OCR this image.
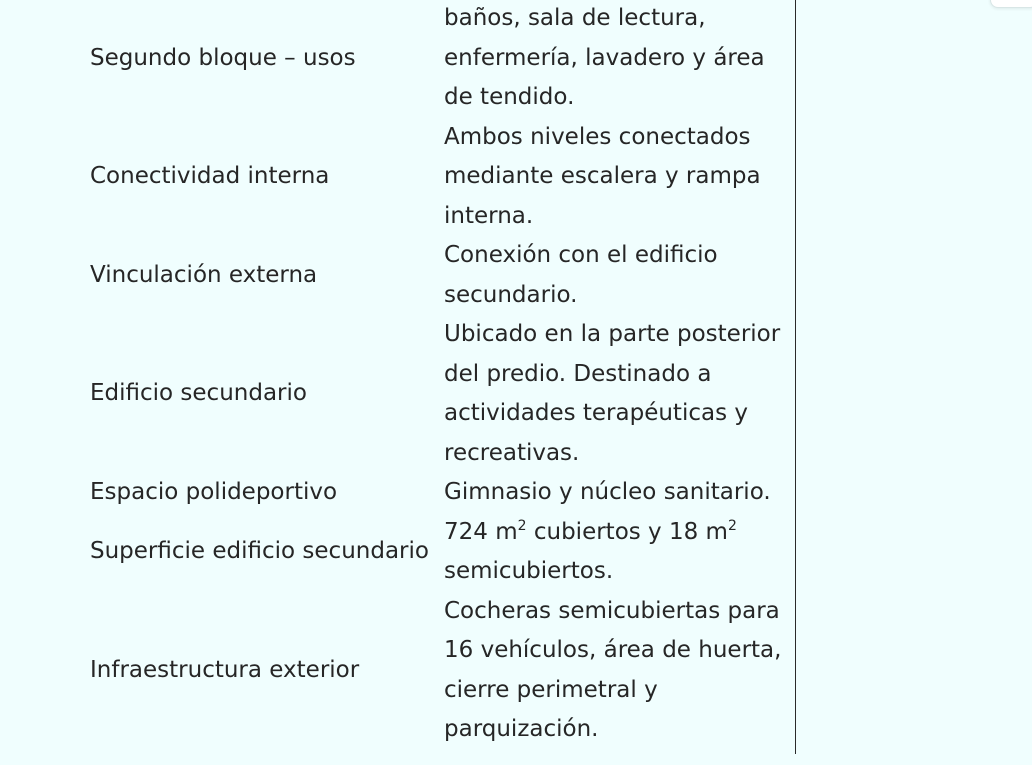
Segundo bloque – usos	baños, sala de lectura, enfermería, lavadero y área de tendido.
Conectividad interna	Ambos niveles conectados mediante escalera y rampa interna.
Vinculación externa	Conexión con el edificio secundario.
Edificio secundario	Ubicado en la parte posterior del predio. Destinado a actividades terapéuticas y recreativas.
Espacio polideportivo	Gimnasio y núcleo sanitario.
Superficie edificio secundario	724 $m^2$ cubiertos y 18 $m^2$ semicubiertos.
Infraestructura exterior	Cocheras semicubiertas para 16 vehículos, área de huerta, cierre perimetral y parquización.
